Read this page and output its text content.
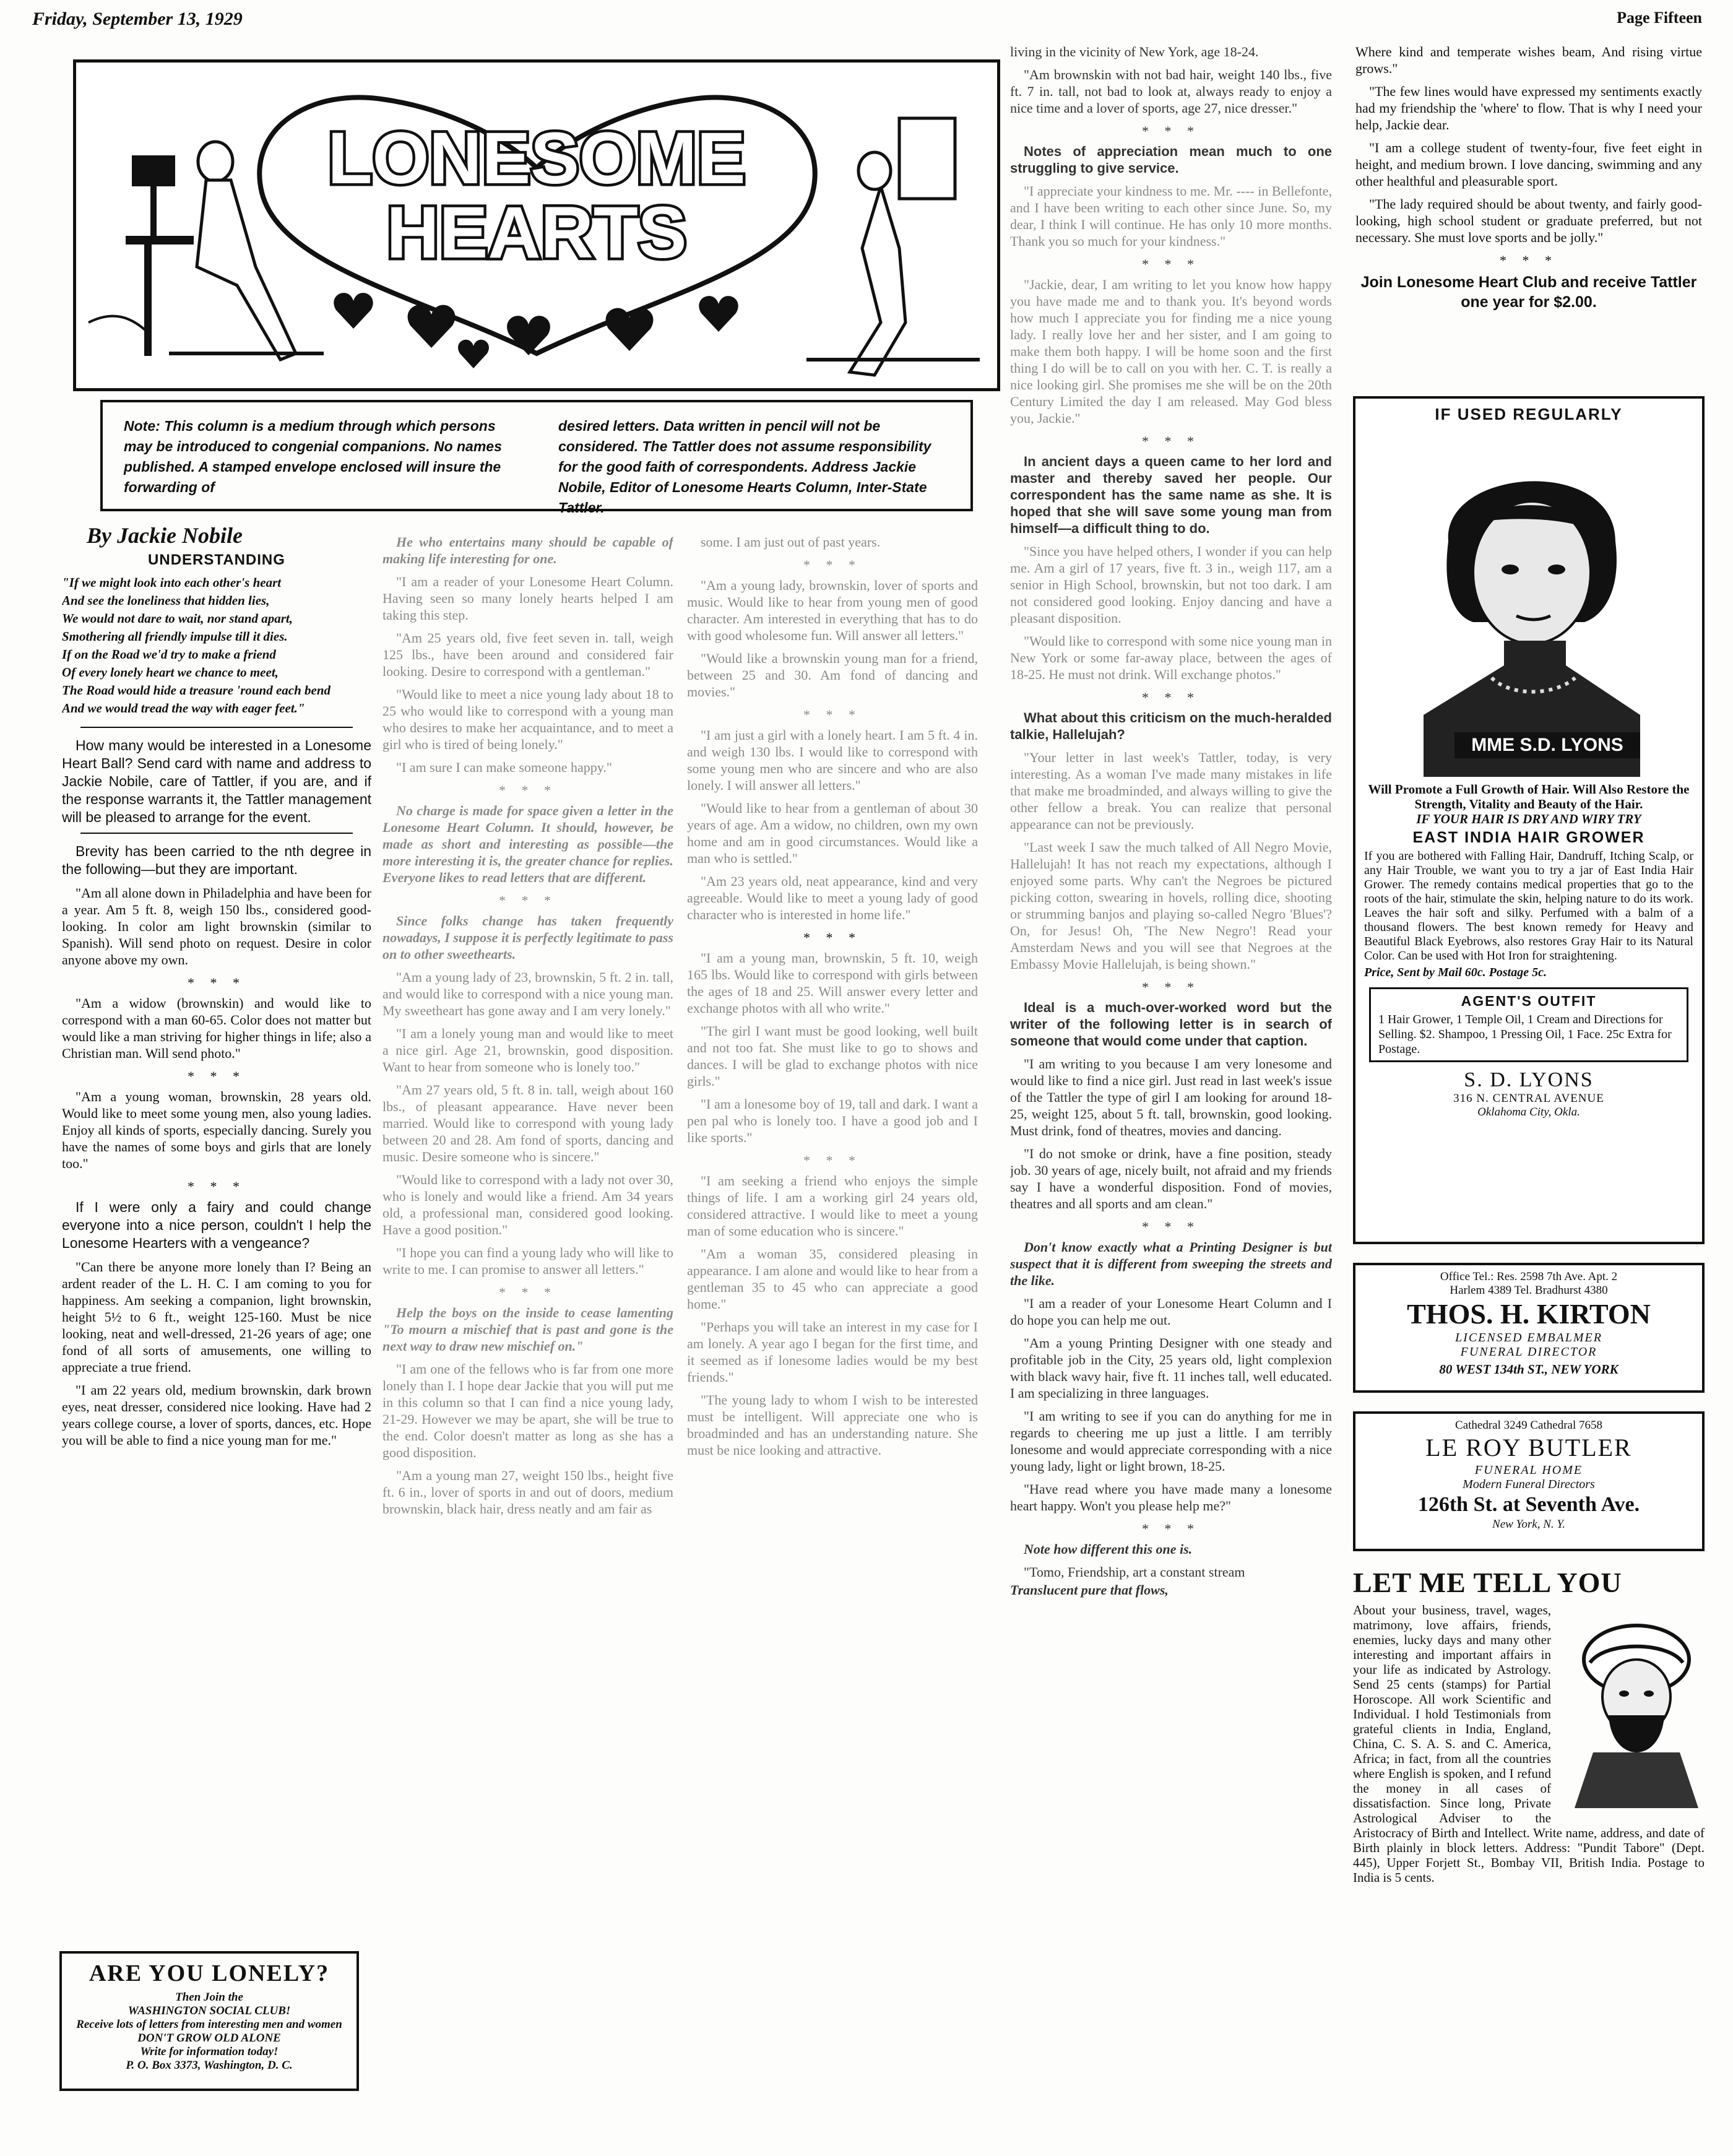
Friday, September 13, 1929	Page Fifteen
LONESOME
HEARTS

Note: This column is a medium through which persons may be introduced to congenial companions. No names published. A stamped envelope enclosed will insure the forwarding of

desired letters. Data written in pencil will not be considered. The Tattler does not assume responsibility for the good faith of correspondents. Address Jackie Nobile, Editor of Lonesome Hearts Column, Inter-State Tattler.

By Jackie Nobile
UNDERSTANDING
"If we might look into each other's heart
And see the loneliness that hidden lies,
We would not dare to wait, nor stand apart,
Smothering all friendly impulse till it dies.
If on the Road we'd try to make a friend
Of every lonely heart we chance to meet,
The Road would hide a treasure 'round each bend
And we would tread the way with eager feet."

How many would be interested in a Lonesome Heart Ball? Send card with name and address to Jackie Nobile, care of Tattler, if you are, and if the response warrants it, the Tattler management will be pleased to arrange for the event.

Brevity has been carried to the nth degree in the following—but they are important.

"Am all alone down in Philadelphia and have been for a year. Am 5 ft. 8, weigh 150 lbs., considered good-looking. In color am light brownskin (similar to Spanish). Will send photo on request. Desire in color anyone above my own.

* * *

"Am a widow (brownskin) and would like to correspond with a man 60-65. Color does not matter but would like a man striving for higher things in life; also a Christian man. Will send photo."

* * *

"Am a young woman, brownskin, 28 years old. Would like to meet some young men, also young ladies. Enjoy all kinds of sports, especially dancing. Surely you have the names of some boys and girls that are lonely too."

* * *

If I were only a fairy and could change everyone into a nice person, couldn't I help the Lonesome Hearters with a vengeance?

"Can there be anyone more lonely than I? Being an ardent reader of the L. H. C. I am coming to you for happiness. Am seeking a companion, light brownskin, height 5½ to 6 ft., weight 125-160. Must be nice looking, neat and well-dressed, 21-26 years of age; one fond of all sorts of amusements, one willing to appreciate a true friend.

"I am 22 years old, medium brownskin, dark brown eyes, neat dresser, considered nice looking. Have had 2 years college course, a lover of sports, dances, etc. Hope you will be able to find a nice young man for me."

ARE YOU LONELY?
Then Join the
WASHINGTON SOCIAL CLUB!
Receive lots of letters from interesting men and women
DON'T GROW OLD ALONE
Write for information today!
P. O. Box 3373, Washington, D. C.

He who entertains many should be capable of making life interesting for one.

"I am a reader of your Lonesome Heart Column. Having seen so many lonely hearts helped I am taking this step.

"Am 25 years old, five feet seven in. tall, weigh 125 lbs., have been around and considered fair looking. Desire to correspond with a gentleman."

"Would like to meet a nice young lady about 18 to 25 who would like to correspond with a young man who desires to make her acquaintance, and to meet a girl who is tired of being lonely."

"I am sure I can make someone happy."

* * *

No charge is made for space given a letter in the Lonesome Heart Column. It should, however, be made as short and interesting as possible—the more interesting it is, the greater chance for replies. Everyone likes to read letters that are different.

* * *

Since folks change has taken frequently nowadays, I suppose it is perfectly legitimate to pass on to other sweethearts.

"Am a young lady of 23, brownskin, 5 ft. 2 in. tall, and would like to correspond with a nice young man. My sweetheart has gone away and I am very lonely."

"I am a lonely young man and would like to meet a nice girl. Age 21, brownskin, good disposition. Want to hear from someone who is lonely too."

"Am 27 years old, 5 ft. 8 in. tall, weigh about 160 lbs., of pleasant appearance. Have never been married. Would like to correspond with young lady between 20 and 28. Am fond of sports, dancing and music. Desire someone who is sincere."

"Would like to correspond with a lady not over 30, who is lonely and would like a friend. Am 34 years old, a professional man, considered good looking. Have a good position."

"I hope you can find a young lady who will like to write to me. I can promise to answer all letters."

* * *

Help the boys on the inside to cease lamenting "To mourn a mischief that is past and gone is the next way to draw new mischief on."

"I am one of the fellows who is far from one more lonely than I. I hope dear Jackie that you will put me in this column so that I can find a nice young lady, 21-29. However we may be apart, she will be true to the end. Color doesn't matter as long as she has a good disposition.

"Am a young man 27, weight 150 lbs., height five ft. 6 in., lover of sports in and out of doors, medium brownskin, black hair, dress neatly and am fair as

some. I am just out of past years.

* * *

"Am a young lady, brownskin, lover of sports and music. Would like to hear from young men of good character. Am interested in everything that has to do with good wholesome fun. Will answer all letters."

"Would like a brownskin young man for a friend, between 25 and 30. Am fond of dancing and movies."

* * *

"I am just a girl with a lonely heart. I am 5 ft. 4 in. and weigh 130 lbs. I would like to correspond with some young men who are sincere and who are also lonely. I will answer all letters."

"Would like to hear from a gentleman of about 30 years of age. Am a widow, no children, own my own home and am in good circumstances. Would like a man who is settled."

"Am 23 years old, neat appearance, kind and very agreeable. Would like to meet a young lady of good character who is interested in home life."

* * *

"I am a young man, brownskin, 5 ft. 10, weigh 165 lbs. Would like to correspond with girls between the ages of 18 and 25. Will answer every letter and exchange photos with all who write."

"The girl I want must be good looking, well built and not too fat. She must like to go to shows and dances. I will be glad to exchange photos with nice girls."

"I am a lonesome boy of 19, tall and dark. I want a pen pal who is lonely too. I have a good job and I like sports."

* * *

"I am seeking a friend who enjoys the simple things of life. I am a working girl 24 years old, considered attractive. I would like to meet a young man of some education who is sincere."

"Am a woman 35, considered pleasing in appearance. I am alone and would like to hear from a gentleman 35 to 45 who can appreciate a good home."

"Perhaps you will take an interest in my case for I am lonely. A year ago I began for the first time, and it seemed as if lonesome ladies would be my best friends."

"The young lady to whom I wish to be interested must be intelligent. Will appreciate one who is broadminded and has an understanding nature. She must be nice looking and attractive.

living in the vicinity of New York, age 18-24.

"Am brownskin with not bad hair, weight 140 lbs., five ft. 7 in. tall, not bad to look at, always ready to enjoy a nice time and a lover of sports, age 27, nice dresser."

* * *

Notes of appreciation mean much to one struggling to give service.

"I appreciate your kindness to me. Mr. ---- in Bellefonte, and I have been writing to each other since June. So, my dear, I think I will continue. He has only 10 more months. Thank you so much for your kindness."

* * *

"Jackie, dear, I am writing to let you know how happy you have made me and to thank you. It's beyond words how much I appreciate you for finding me a nice young lady. I really love her and her sister, and I am going to make them both happy. I will be home soon and the first thing I do will be to call on you with her. C. T. is really a nice looking girl. She promises me she will be on the 20th Century Limited the day I am released. May God bless you, Jackie."

* * *

In ancient days a queen came to her lord and master and thereby saved her people. Our correspondent has the same name as she. It is hoped that she will save some young man from himself—a difficult thing to do.

"Since you have helped others, I wonder if you can help me. Am a girl of 17 years, five ft. 3 in., weigh 117, am a senior in High School, brownskin, but not too dark. I am not considered good looking. Enjoy dancing and have a pleasant disposition.

"Would like to correspond with some nice young man in New York or some far-away place, between the ages of 18-25. He must not drink. Will exchange photos."

* * *

What about this criticism on the much-heralded talkie, Hallelujah?

"Your letter in last week's Tattler, today, is very interesting. As a woman I've made many mistakes in life that make me broadminded, and always willing to give the other fellow a break. You can realize that personal appearance can not be previously.

"Last week I saw the much talked of All Negro Movie, Hallelujah! It has not reach my expectations, although I enjoyed some parts. Why can't the Negroes be pictured picking cotton, swearing in hovels, rolling dice, shooting or strumming banjos and playing so-called Negro 'Blues'? On, for Jesus! Oh, 'The New Negro'! Read your Amsterdam News and you will see that Negroes at the Embassy Movie Hallelujah, is being shown."

* * *

Ideal is a much-over-worked word but the writer of the following letter is in search of someone that would come under that caption.

"I am writing to you because I am very lonesome and would like to find a nice girl. Just read in last week's issue of the Tattler the type of girl I am looking for around 18-25, weight 125, about 5 ft. tall, brownskin, good looking. Must drink, fond of theatres, movies and dancing.

"I do not smoke or drink, have a fine position, steady job. 30 years of age, nicely built, not afraid and my friends say I have a wonderful disposition. Fond of movies, theatres and all sports and am clean."

* * *

Don't know exactly what a Printing Designer is but suspect that it is different from sweeping the streets and the like.

"I am a reader of your Lonesome Heart Column and I do hope you can help me out.

"Am a young Printing Designer with one steady and profitable job in the City, 25 years old, light complexion with black wavy hair, five ft. 11 inches tall, well educated. I am specializing in three languages.

"I am writing to see if you can do anything for me in regards to cheering me up just a little. I am terribly lonesome and would appreciate corresponding with a nice young lady, light or light brown, 18-25.

"Have read where you have made many a lonesome heart happy. Won't you please help me?"

* * *

Note how different this one is.

"Tomo, Friendship, art a constant stream

Translucent pure that flows,

Where kind and temperate wishes beam, And rising virtue grows."

"The few lines would have expressed my sentiments exactly had my friendship the 'where' to flow. That is why I need your help, Jackie dear.

"I am a college student of twenty-four, five feet eight in height, and medium brown. I love dancing, swimming and any other healthful and pleasurable sport.

"The lady required should be about twenty, and fairly good-looking, high school student or graduate preferred, but not necessary. She must love sports and be jolly."

* * *

Join Lonesome Heart Club and receive Tattler one year for $2.00.
IF USED REGULARLY
MME S.D. LYONS
Will Promote a Full Growth of Hair. Will Also Restore the Strength, Vitality and Beauty of the Hair.
IF YOUR HAIR IS DRY AND WIRY TRY
EAST INDIA HAIR GROWER
If you are bothered with Falling Hair, Dandruff, Itching Scalp, or any Hair Trouble, we want you to try a jar of East India Hair Grower. The remedy contains medical properties that go to the roots of the hair, stimulate the skin, helping nature to do its work. Leaves the hair soft and silky. Perfumed with a balm of a thousand flowers. The best known remedy for Heavy and Beautiful Black Eyebrows, also restores Gray Hair to its Natural Color. Can be used with Hot Iron for straightening.
Price, Sent by Mail 60c. Postage 5c.
AGENT'S OUTFIT
1 Hair Grower, 1 Temple Oil, 1 Cream and Directions for Selling. $2. Shampoo, 1 Pressing Oil, 1 Face. 25c Extra for Postage.
S. D. LYONS
316 N. CENTRAL AVENUE
Oklahoma City, Okla.
Office Tel.: Res. 2598 7th Ave. Apt. 2
Harlem 4389 Tel. Bradhurst 4380
THOS. H. KIRTON
LICENSED EMBALMER
FUNERAL DIRECTOR
80 WEST 134th ST., NEW YORK
Cathedral 3249 Cathedral 7658
LE ROY BUTLER
FUNERAL HOME
Modern Funeral Directors
126th St. at Seventh Ave.
New York, N. Y.
LET ME TELL YOU
About your business, travel, wages, matrimony, love affairs, friends, enemies, lucky days and many other interesting and important affairs in your life as indicated by Astrology. Send 25 cents (stamps) for Partial Horoscope. All work Scientific and Individual. I hold Testimonials from grateful clients in India, England, China, C. S. A. S. and C. America, Africa; in fact, from all the countries where English is spoken, and I refund the money in all cases of dissatisfaction. Since long, Private Astrological Adviser to the Aristocracy of Birth and Intellect. Write name, address, and date of Birth plainly in block letters. Address: "Pundit Tabore" (Dept. 445), Upper Forjett St., Bombay VII, British India. Postage to India is 5 cents.
